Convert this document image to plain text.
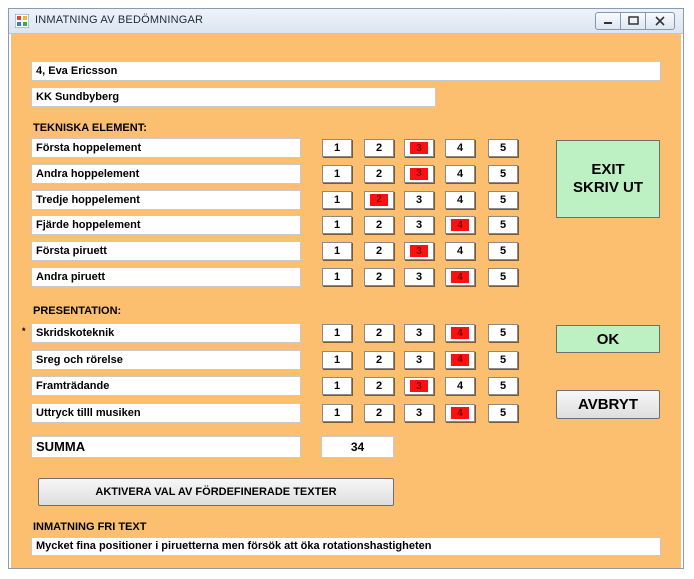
INMATNING AV BEDÖMNINGAR
4, Eva Ericsson
KK Sundbyberg
TEKNISKA ELEMENT:
Första hoppelement	1	2	3	4	5
Andra hoppelement	1	2	3	4	5
Tredje hoppelement	1	2	3	4	5
Fjärde hoppelement	1	2	3	4	5
Första piruett	1	2	3	4	5
Andra piruett	1	2	3	4	5
PRESENTATION:
* Skridskoteknik	1	2	3	4	5
Sreg och rörelse	1	2	3	4	5
Framträdande	1	2	3	4	5
Uttryck tilll musiken	1	2	3	4	5
SUMMA	34
EXIT
SKRIV UT
OK
AVBRYT
AKTIVERA VAL AV FÖRDEFINERADE TEXTER
INMATNING FRI TEXT
Mycket fina positioner i piruetterna men försök att öka rotationshastigheten
